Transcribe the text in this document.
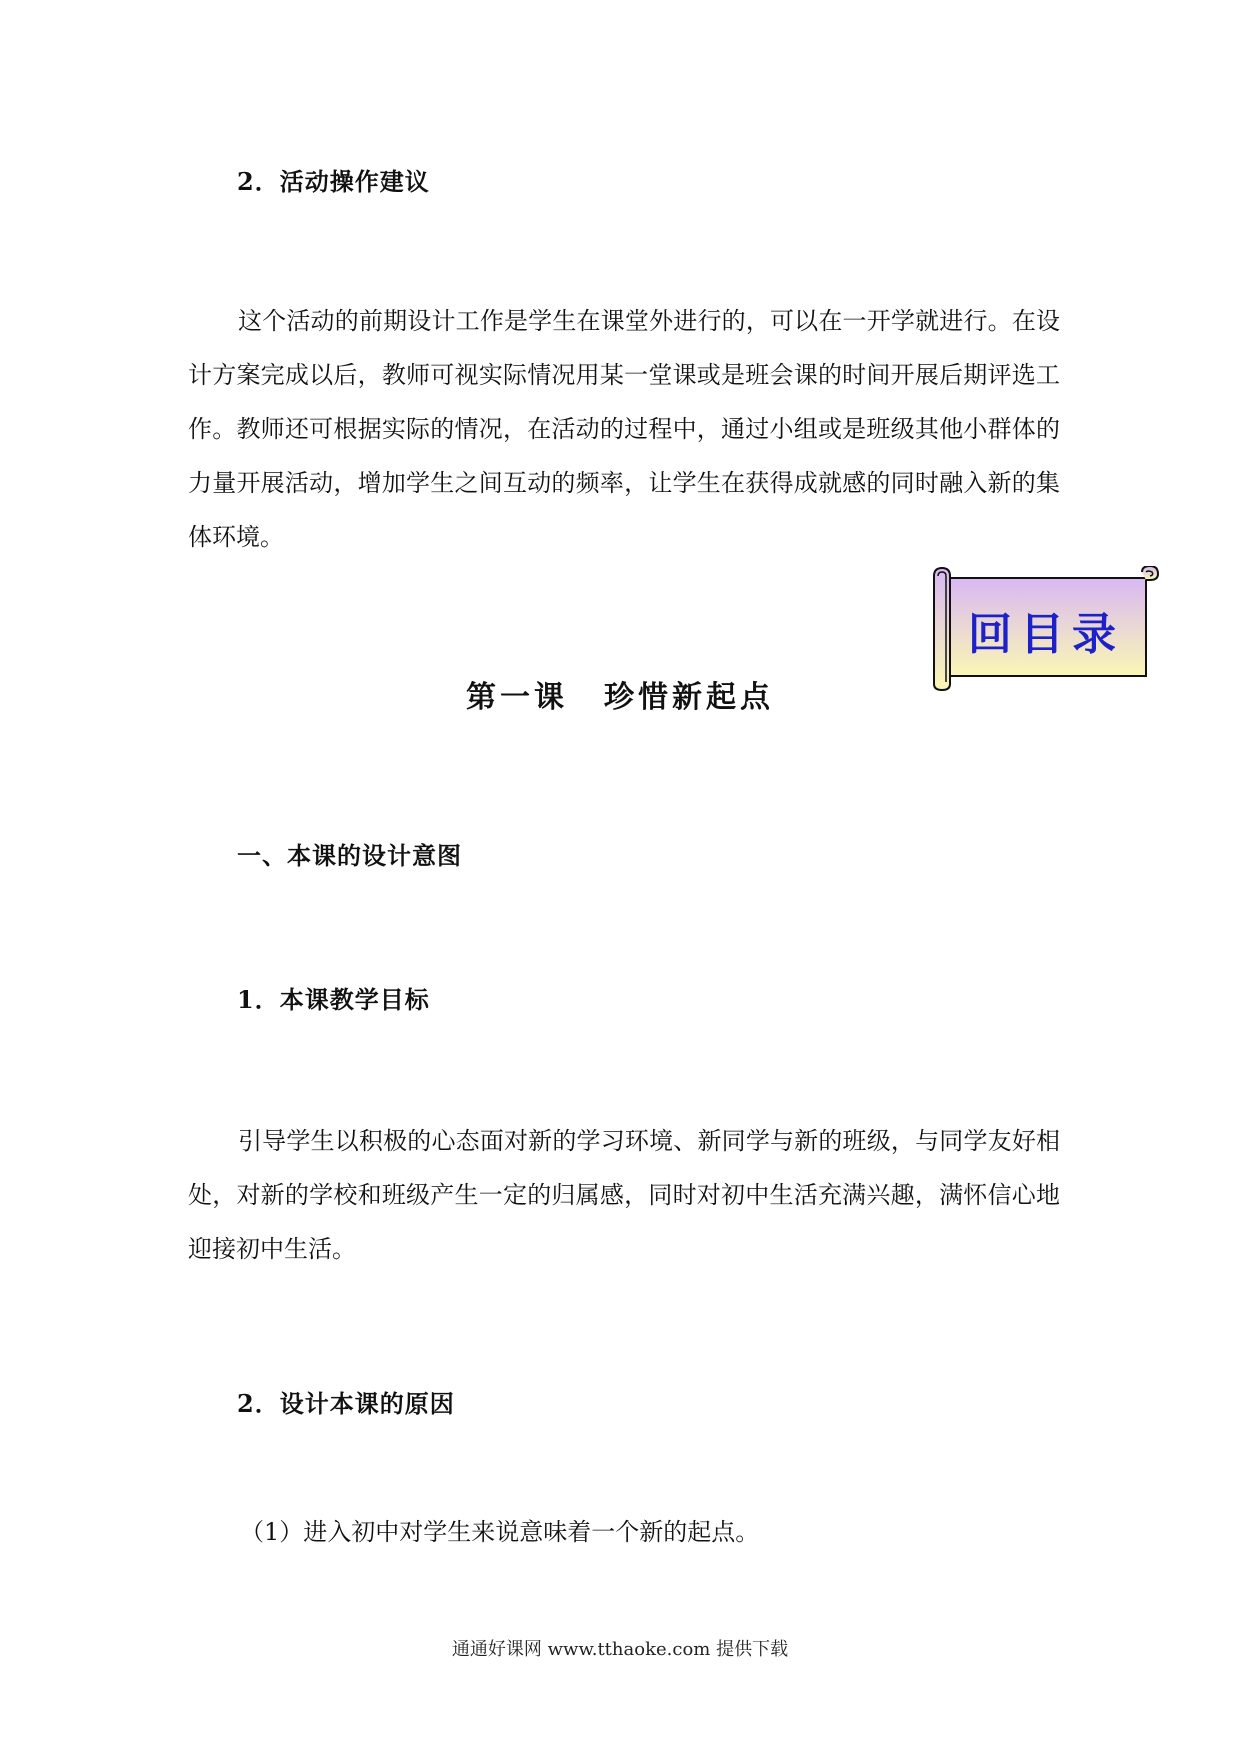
2．活动操作建议

这个活动的前期设计工作是学生在课堂外进行的，可以在一开学就进行。在设计方案完成以后，教师可视实际情况用某一堂课或是班会课的时间开展后期评选工作。教师还可根据实际的情况，在活动的过程中，通过小组或是班级其他小群体的力量开展活动，增加学生之间互动的频率，让学生在获得成就感的同时融入新的集体环境。

回目录
第一课 珍惜新起点
一、本课的设计意图
1．本课教学目标

引导学生以积极的心态面对新的学习环境、新同学与新的班级，与同学友好相处，对新的学校和班级产生一定的归属感，同时对初中生活充满兴趣，满怀信心地迎接初中生活。

2．设计本课的原因
（1）进入初中对学生来说意味着一个新的起点。
通通好课网 www.tthaoke.com 提供下载
